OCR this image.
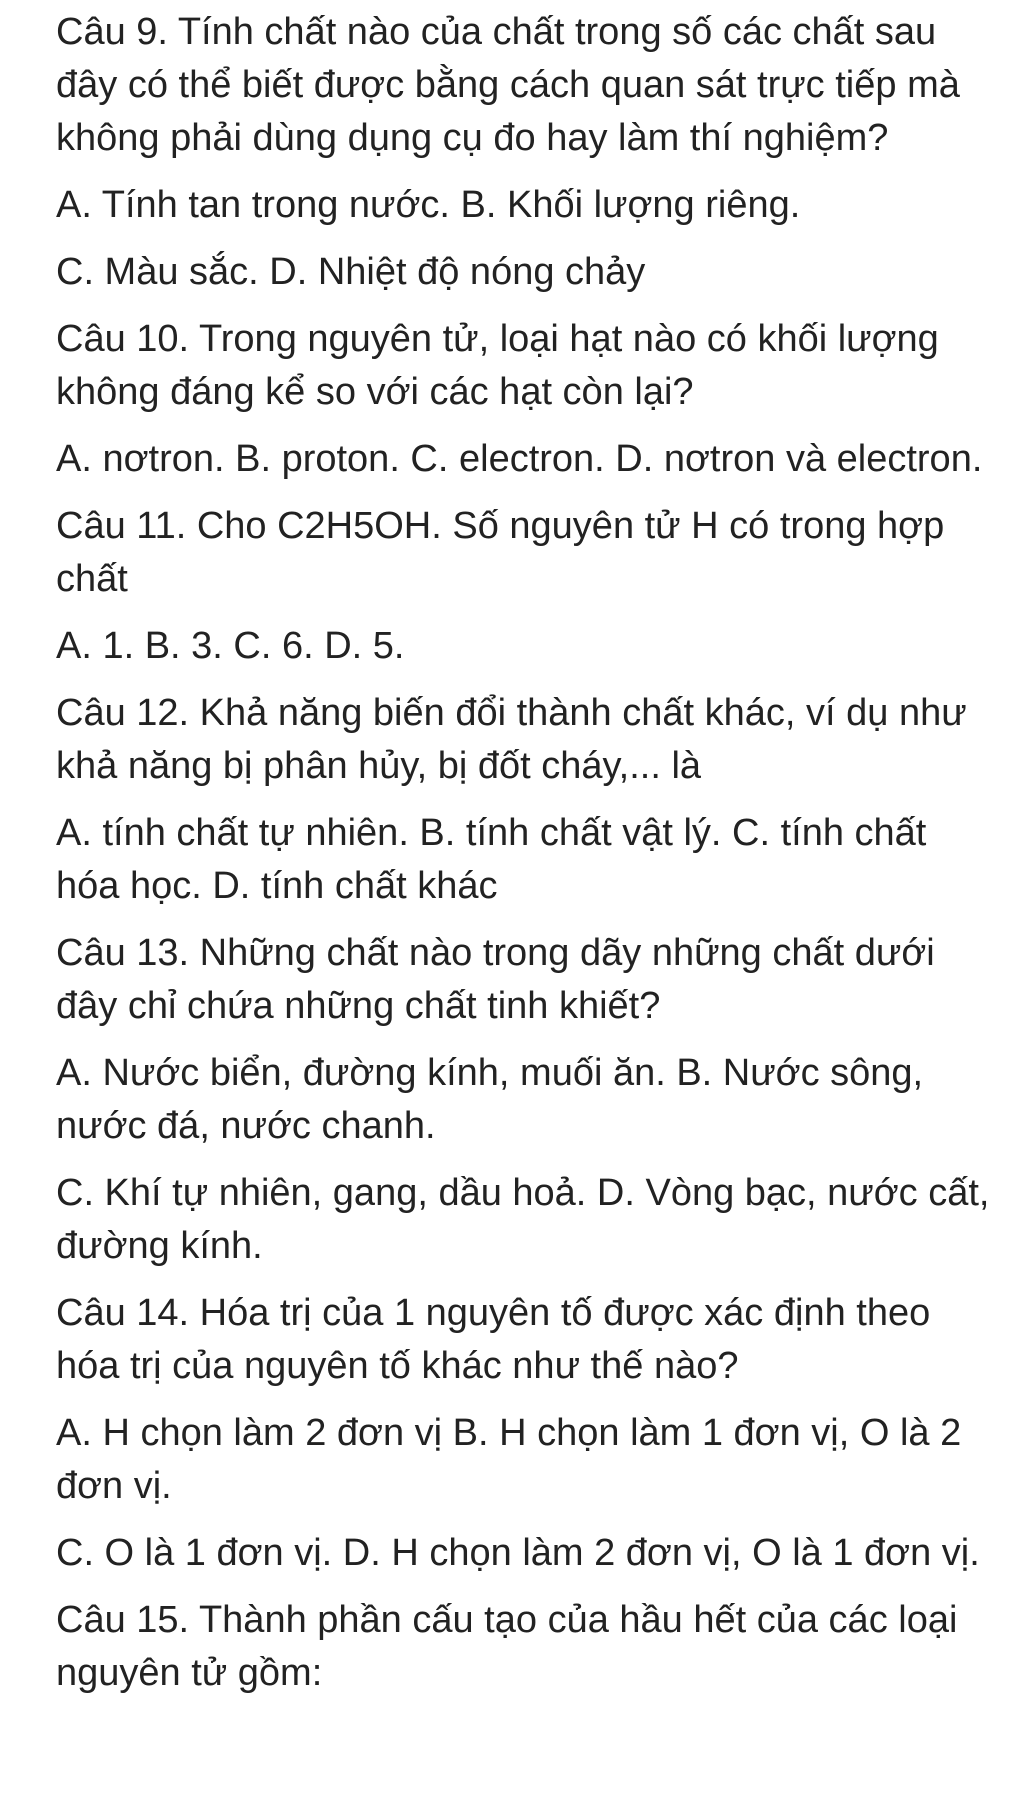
Câu 9. Tính chất nào của chất trong số các chất sau đây có thể biết được bằng cách quan sát trực tiếp mà không phải dùng dụng cụ đo hay làm thí nghiệm?

A. Tính tan trong nước. B. Khối lượng riêng.

C. Màu sắc. D. Nhiệt độ nóng chảy

Câu 10. Trong nguyên tử, loại hạt nào có khối lượng không đáng kể so với các hạt còn lại?

A. nơtron. B. proton. C. electron. D. nơtron và electron.

Câu 11. Cho C2H5OH. Số nguyên tử H có trong hợp chất

A. 1. B. 3. C. 6. D. 5.

Câu 12. Khả năng biến đổi thành chất khác, ví dụ như khả năng bị phân hủy, bị đốt cháy,... là

A. tính chất tự nhiên. B. tính chất vật lý. C. tính chất hóa học. D. tính chất khác

Câu 13. Những chất nào trong dãy những chất dưới đây chỉ chứa những chất tinh khiết?

A. Nước biển, đường kính, muối ăn. B. Nước sông, nước đá, nước chanh.

C. Khí tự nhiên, gang, dầu hoả. D. Vòng bạc, nước cất, đường kính.

Câu 14. Hóa trị của 1 nguyên tố được xác định theo hóa trị của nguyên tố khác như thế nào?

A. H chọn làm 2 đơn vị B. H chọn làm 1 đơn vị, O là 2 đơn vị.

C. O là 1 đơn vị. D. H chọn làm 2 đơn vị, O là 1 đơn vị.

Câu 15. Thành phần cấu tạo của hầu hết của các loại nguyên tử gồm:
